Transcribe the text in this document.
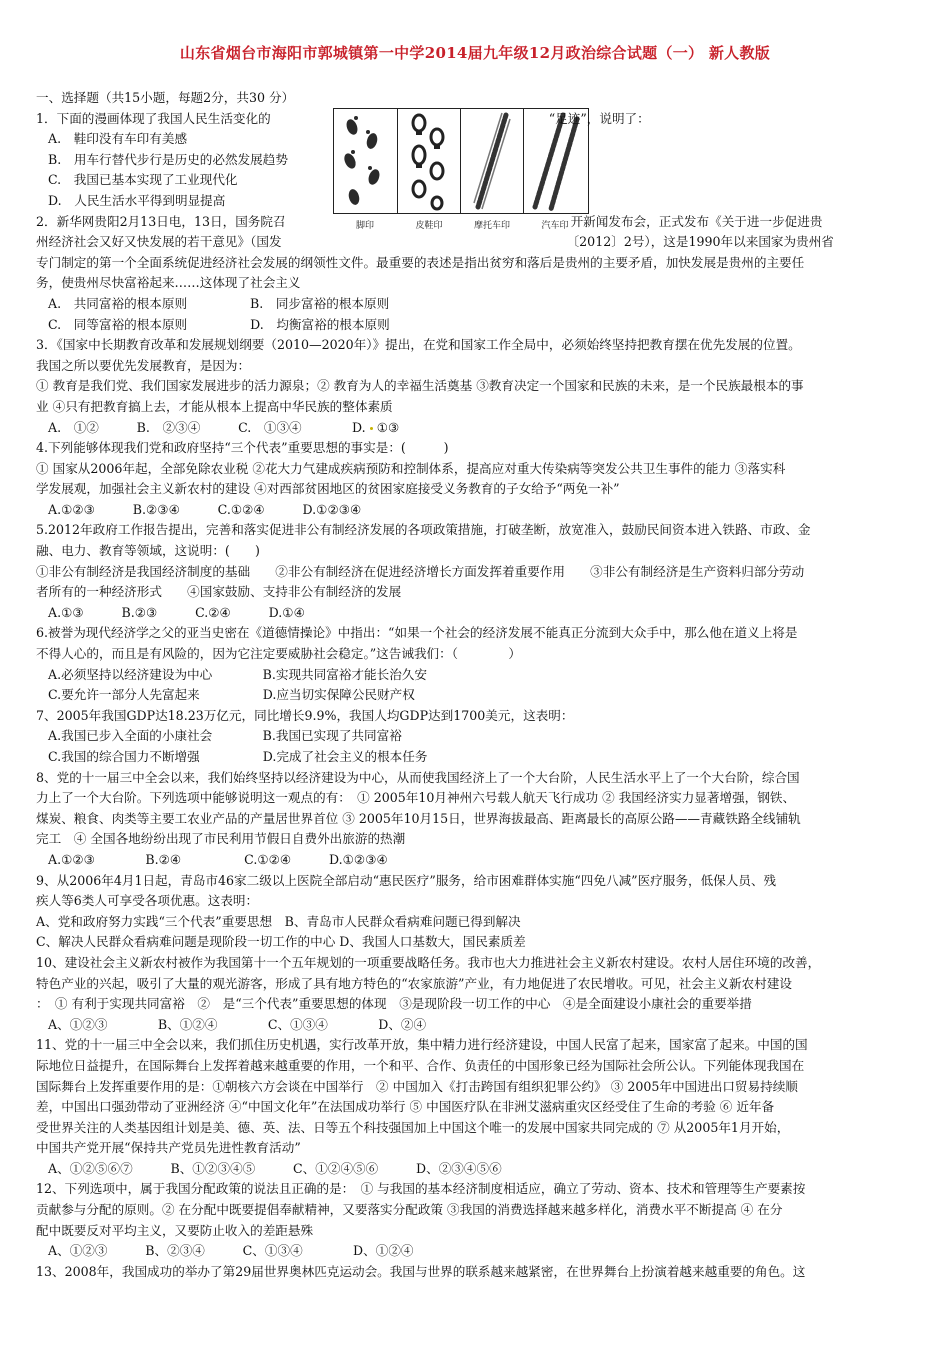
山东省烟台市海阳市郭城镇第一中学2014届九年级12月政治综合试题（一） 新人教版
脚印	皮鞋印	摩托车印	汽车印

一、选择题（共15小题，每题2分，共30 分）

1．下面的漫画体现了我国人民生活变化的	“足迹”，说明了：

A.　鞋印没有车印有美感

B.　用车行替代步行是历史的必然发展趋势

C.　我国已基本实现了工业现代化

D.　人民生活水平得到明显提高

2．新华网贵阳2月13日电，13日，国务院召	开新闻发布会，正式发布《关于进一步促进贵

州经济社会又好又快发展的若干意见》（国发	〔2012〕2号），这是1990年以来国家为贵州省

专门制定的第一个全面系统促进经济社会发展的纲领性文件。最重要的表述是指出贫穷和落后是贵州的主要矛盾，加快发展是贵州的主要任

务，使贵州尽快富裕起来……这体现了社会主义

A.　共同富裕的根本原则　　　　　B.　同步富裕的根本原则

C.　同等富裕的根本原则　　　　　D.　均衡富裕的根本原则

3．《国家中长期教育改革和发展规划纲要（2010—2020年）》提出，在党和国家工作全局中，必须始终坚持把教育摆在优先发展的位置。

我国之所以要优先发展教育，是因为：

① 教育是我们党、我们国家发展进步的活力源泉；② 教育为人的幸福生活奠基 ③教育决定一个国家和民族的未来，是一个民族最根本的事

业 ④只有把教育搞上去，才能从根本上提高中华民族的整体素质

A.　①②　　　B.　②③④　　　C.　①③④　　　　D. ①③

4.下列能够体现我们党和政府坚持“三个代表”重要思想的事实是：(　　　)

① 国家从2006年起，全部免除农业税 ②花大力气建成疾病预防和控制体系，提高应对重大传染病等突发公共卫生事件的能力 ③落实科

学发展观，加强社会主义新农村的建设 ④对西部贫困地区的贫困家庭接受义务教育的子女给予“两免一补”

A.①②③　　　B.②③④　　　C.①②④　　　D.①②③④

5.2012年政府工作报告提出，完善和落实促进非公有制经济发展的各项政策措施，打破垄断，放宽准入，鼓励民间资本进入铁路、市政、金

融、电力、教育等领域，这说明：(　　)

①非公有制经济是我国经济制度的基础　　②非公有制经济在促进经济增长方面发挥着重要作用　　③非公有制经济是生产资料归部分劳动

者所有的一种经济形式　　④国家鼓励、支持非公有制经济的发展

A.①③　　　B.②③　　　C.②④　　　D.①④

6.被誉为现代经济学之父的亚当史密在《道德情操论》中指出：“如果一个社会的经济发展不能真正分流到大众手中，那么他在道义上将是

不得人心的，而且是有风险的，因为它注定要威胁社会稳定。”这告诫我们：（　　　　）

A.必须坚持以经济建设为中心　　　　B.实现共同富裕才能长治久安

C.要允许一部分人先富起来　　　　　D.应当切实保障公民财产权

7、2005年我国GDP达18.23万亿元，同比增长9.9%，我国人均GDP达到1700美元，这表明：

A.我国已步入全面的小康社会　　　　B.我国已实现了共同富裕

C.我国的综合国力不断增强　　　　　D.完成了社会主义的根本任务

8、党的十一届三中全会以来，我们始终坚持以经济建设为中心，从而使我国经济上了一个大台阶，人民生活水平上了一个大台阶，综合国

力上了一个大台阶。下列选项中能够说明这一观点的有：　① 2005年10月神州六号载人航天飞行成功 ② 我国经济实力显著增强，钢铁、

煤炭、粮食、肉类等主要工农业产品的产量居世界首位 ③ 2005年10月15日，世界海拔最高、距离最长的高原公路——青藏铁路全线铺轨

完工　④ 全国各地纷纷出现了市民利用节假日自费外出旅游的热潮

A.①②③　　　　B.②④　　　　　C.①②④　　　D.①②③④

9、从2006年4月1日起，青岛市46家二级以上医院全部启动“惠民医疗”服务，给市困难群体实施“四免八减”医疗服务，低保人员、残

疾人等6类人可享受各项优惠。这表明：

A、党和政府努力实践“三个代表”重要思想　B、青岛市人民群众看病难问题已得到解决

C、解决人民群众看病难问题是现阶段一切工作的中心 D、我国人口基数大，国民素质差

10、建设社会主义新农村被作为我国第十一个五年规划的一项重要战略任务。我市也大力推进社会主义新农村建设。农村人居住环境的改善，

特色产业的兴起，吸引了大量的观光游客，形成了具有地方特色的“农家旅游”产业，有力地促进了农民增收。可见，社会主义新农村建设

：　① 有利于实现共同富裕　②　是“三个代表”重要思想的体现　③是现阶段一切工作的中心　④是全面建设小康社会的重要举措

A、①②③　　　　B、①②④　　　　C、①③④　　　　D、②④

11、党的十一届三中全会以来，我们抓住历史机遇，实行改革开放，集中精力进行经济建设，中国人民富了起来，国家富了起来。中国的国

际地位日益提升，在国际舞台上发挥着越来越重要的作用，一个和平、合作、负责任的中国形象已经为国际社会所公认。下列能体现我国在

国际舞台上发挥重要作用的是：①朝核六方会谈在中国举行　② 中国加入《打击跨国有组织犯罪公约》 ③ 2005年中国进出口贸易持续顺

差，中国出口强劲带动了亚洲经济 ④“中国文化年”在法国成功举行 ⑤ 中国医疗队在非洲艾滋病重灾区经受住了生命的考验 ⑥ 近年备

受世界关注的人类基因组计划是美、德、英、法、日等五个科技强国加上中国这个唯一的发展中国家共同完成的 ⑦ 从2005年1月开始，

中国共产党开展“保持共产党员先进性教育活动”

A、①②⑤⑥⑦　　　B、①②③④⑤　　　C、①②④⑤⑥　　　D、②③④⑤⑥

12、下列选项中，属于我国分配政策的说法且正确的是：　① 与我国的基本经济制度相适应，确立了劳动、资本、技术和管理等生产要素按

贡献参与分配的原则。② 在分配中既要提倡奉献精神，又要落实分配政策 ③我国的消费选择越来越多样化，消费水平不断提高 ④ 在分

配中既要反对平均主义，又要防止收入的差距悬殊

A、①②③　　　B、②③④　　　C、①③④　　　　D、①②④

13、2008年，我国成功的举办了第29届世界奥林匹克运动会。我国与世界的联系越来越紧密，在世界舞台上扮演着越来越重要的角色。这
